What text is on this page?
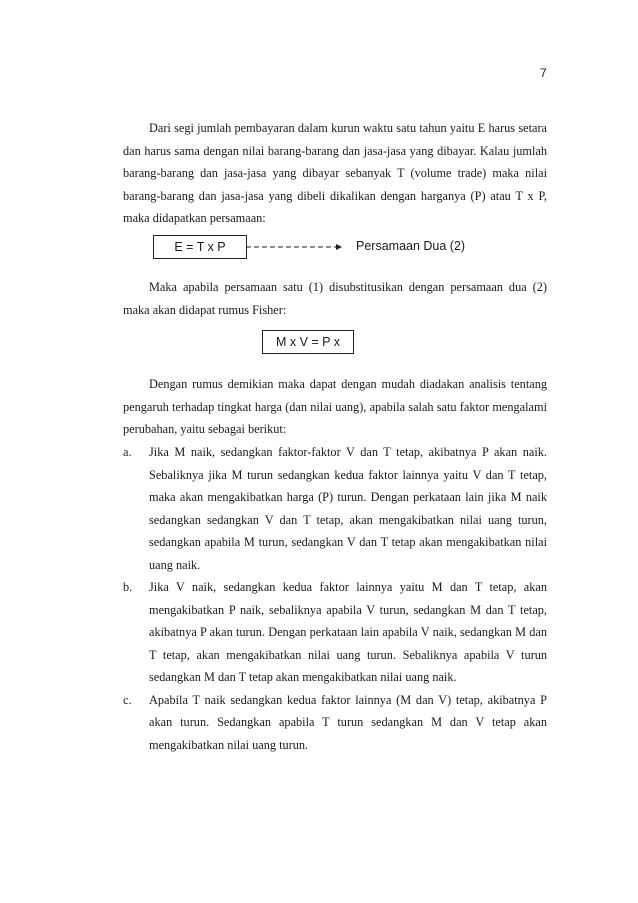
7
Dari segi jumlah pembayaran dalam kurun waktu satu tahun yaitu E harus setara dan harus sama dengan nilai barang-barang dan jasa-jasa yang dibayar. Kalau jumlah barang-barang dan jasa-jasa yang dibayar sebanyak T (volume trade) maka nilai barang-barang dan jasa-jasa yang dibeli dikalikan dengan harganya (P) atau T x P, maka didapatkan persamaan:
E = T x P	Persamaan Dua (2)
Maka apabila persamaan satu (1) disubstitusikan dengan persamaan dua (2) maka akan didapat rumus Fisher:
M x V = P x
Dengan rumus demikian maka dapat dengan mudah diadakan analisis tentang pengaruh terhadap tingkat harga (dan nilai uang), apabila salah satu faktor mengalami perubahan, yaitu sebagai berikut:
a. Jika M naik, sedangkan faktor-faktor V dan T tetap, akibatnya P akan naik. Sebaliknya jika M turun sedangkan kedua faktor lainnya yaitu V dan T tetap, maka akan mengakibatkan harga (P) turun. Dengan perkataan lain jika M naik sedangkan sedangkan V dan T tetap, akan mengakibatkan nilai uang turun, sedangkan apabila M turun, sedangkan V dan T tetap akan mengakibatkan nilai uang naik.
b. Jika V naik, sedangkan kedua faktor lainnya yaitu M dan T tetap, akan mengakibatkan P naik, sebaliknya apabila V turun, sedangkan M dan T tetap, akibatnya P akan turun. Dengan perkataan lain apabila V naik, sedangkan M dan T tetap, akan mengakibatkan nilai uang turun. Sebaliknya apabila V turun sedangkan M dan T tetap akan mengakibatkan nilai uang naik.
c. Apabila T naik sedangkan kedua faktor lainnya (M dan V) tetap, akibatnya P akan turun. Sedangkan apabila T turun sedangkan M dan V tetap akan mengakibatkan nilai uang turun.
